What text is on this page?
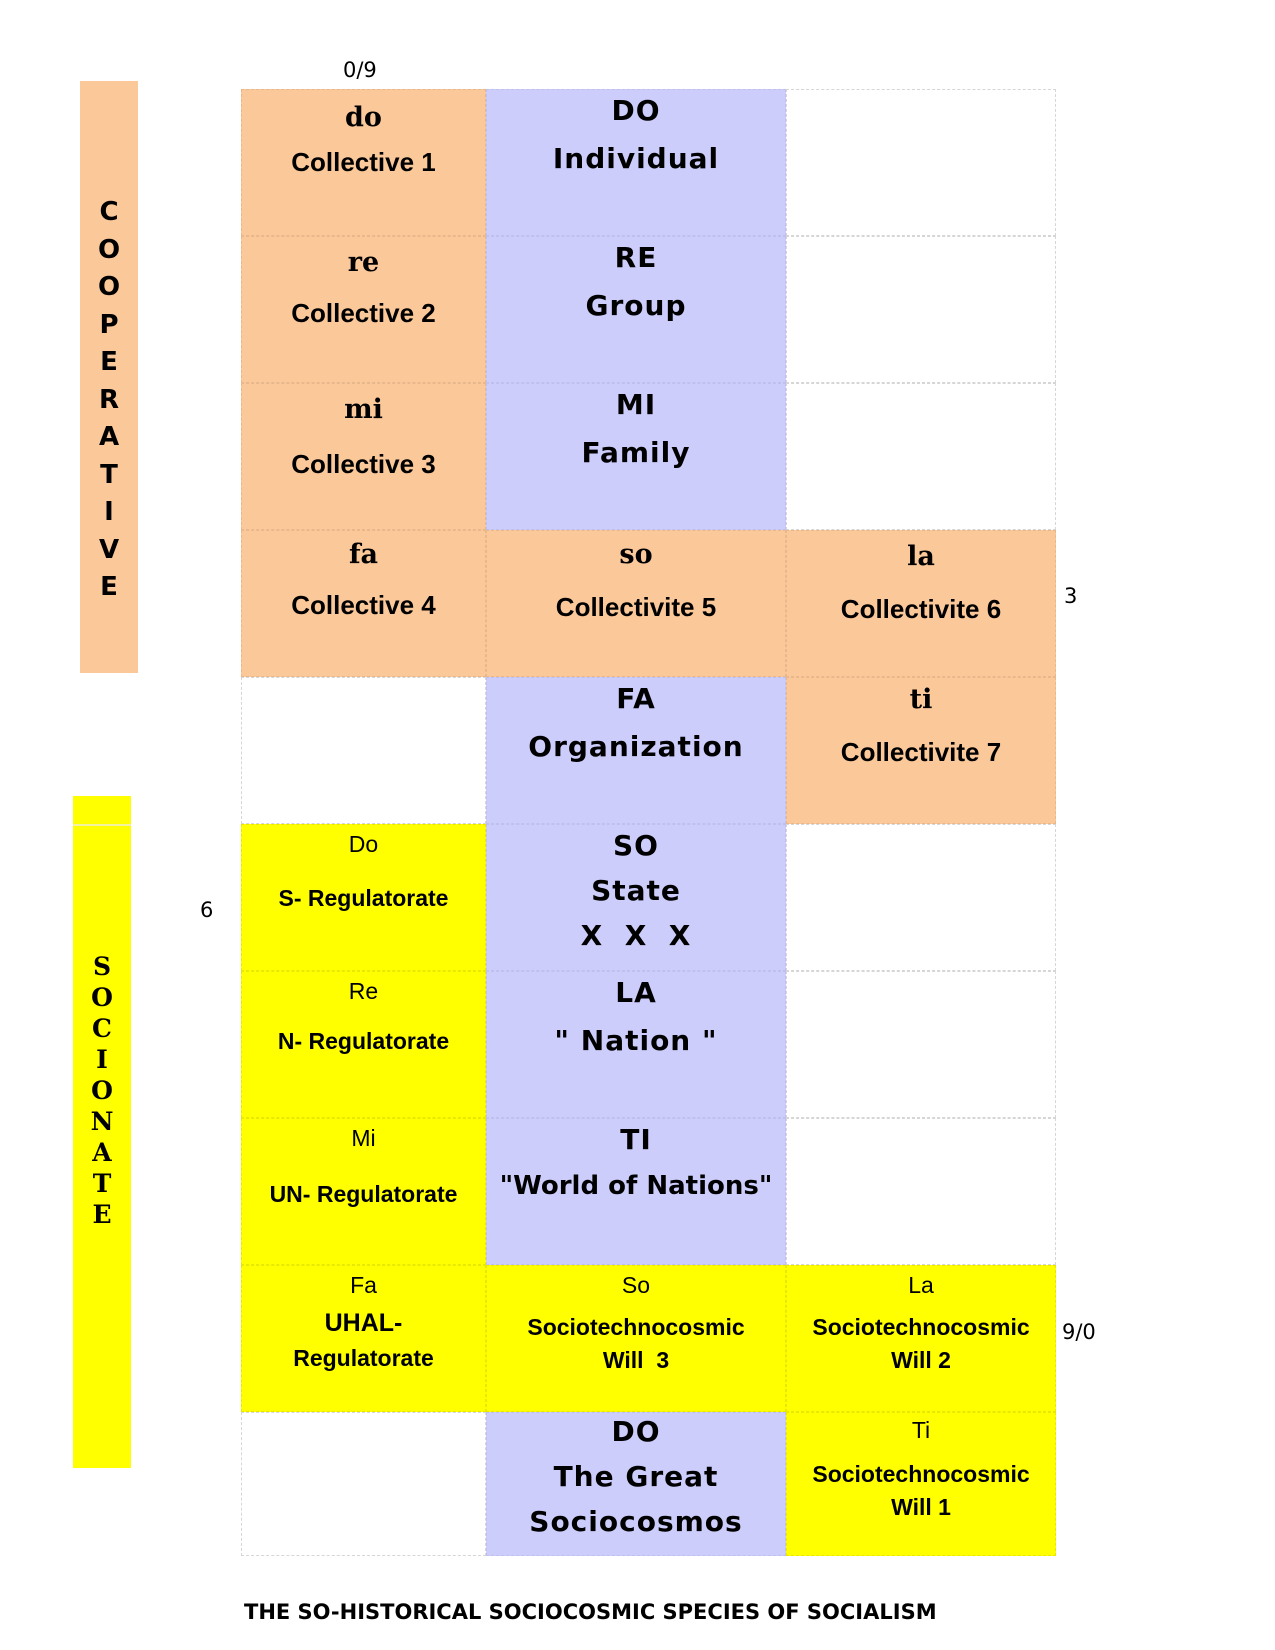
C
O
O
P
E
R
A
T
I
V
E
S
O
C
I
O
N
A
T
E
0/9
3
6
9/0
do
Collective 1
DO
Individual
re
Collective 2
RE
Group
mi
Collective 3
MI
Family
fa
Collective 4
so
Collectivite 5
la
Collectivite 6
FA
Organization
ti
Collectivite 7
Do
S- Regulatorate
SO
State
X  X  X
Re
N- Regulatorate
LA
" Nation "
Mi
UN- Regulatorate
TI
"World of Nations"
Fa
UHAL-
Regulatorate
So
Sociotechnocosmic
Will  3
La
Sociotechnocosmic
Will 2
DO
The Great
Sociocosmos
Ti
Sociotechnocosmic
Will 1
THE SO-HISTORICAL SOCIOCOSMIC SPECIES OF SOCIALISM
